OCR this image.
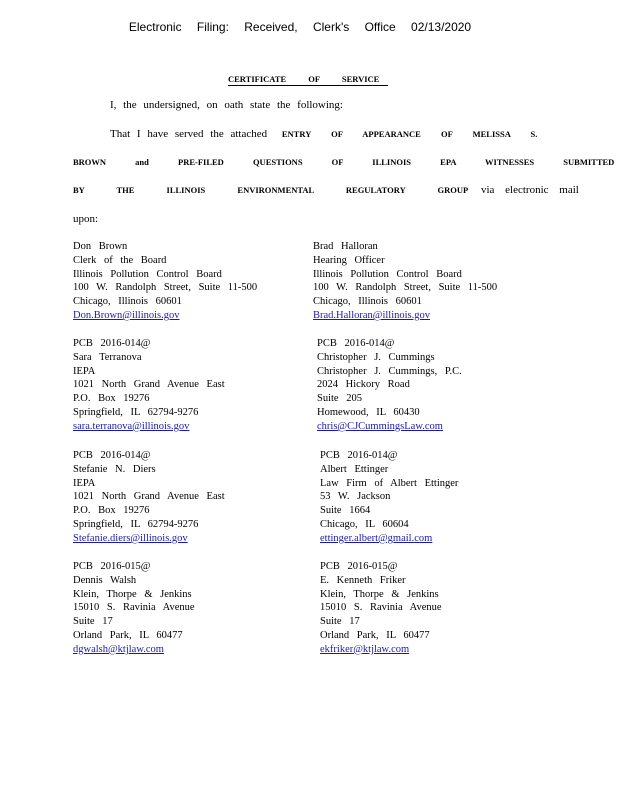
Electronic Filing: Received, Clerk's Office 02/13/2020
CERTIFICATE OF SERVICE
I, the undersigned, on oath state the following:
That I have served the attached ENTRY OF APPEARANCE OF MELISSA S.
BROWN and PRE-FILED QUESTIONS OF ILLINOIS EPA WITNESSES SUBMITTED
BY THE ILLINOIS ENVIRONMENTAL REGULATORY GROUP via electronic mail
upon:
Don Brown
Clerk of the Board
Illinois Pollution Control Board
100 W. Randolph Street, Suite 11-500
Chicago, Illinois 60601
Don.Brown@illinois.gov
Brad Halloran
Hearing Officer
Illinois Pollution Control Board
100 W. Randolph Street, Suite 11-500
Chicago, Illinois 60601
Brad.Halloran@illinois.gov
PCB 2016-014@
Sara Terranova
IEPA
1021 North Grand Avenue East
P.O. Box 19276
Springfield, IL 62794-9276
sara.terranova@illinois.gov
PCB 2016-014@
Christopher J. Cummings
Christopher J. Cummings, P.C.
2024 Hickory Road
Suite 205
Homewood, IL 60430
chris@CJCummingsLaw.com
PCB 2016-014@
Stefanie N. Diers
IEPA
1021 North Grand Avenue East
P.O. Box 19276
Springfield, IL 62794-9276
Stefanie.diers@illinois.gov
PCB 2016-014@
Albert Ettinger
Law Firm of Albert Ettinger
53 W. Jackson
Suite 1664
Chicago, IL 60604
ettinger.albert@gmail.com
PCB 2016-015@
Dennis Walsh
Klein, Thorpe & Jenkins
15010 S. Ravinia Avenue
Suite 17
Orland Park, IL 60477
dgwalsh@ktjlaw.com
PCB 2016-015@
E. Kenneth Friker
Klein, Thorpe & Jenkins
15010 S. Ravinia Avenue
Suite 17
Orland Park, IL 60477
ekfriker@ktjlaw.com
